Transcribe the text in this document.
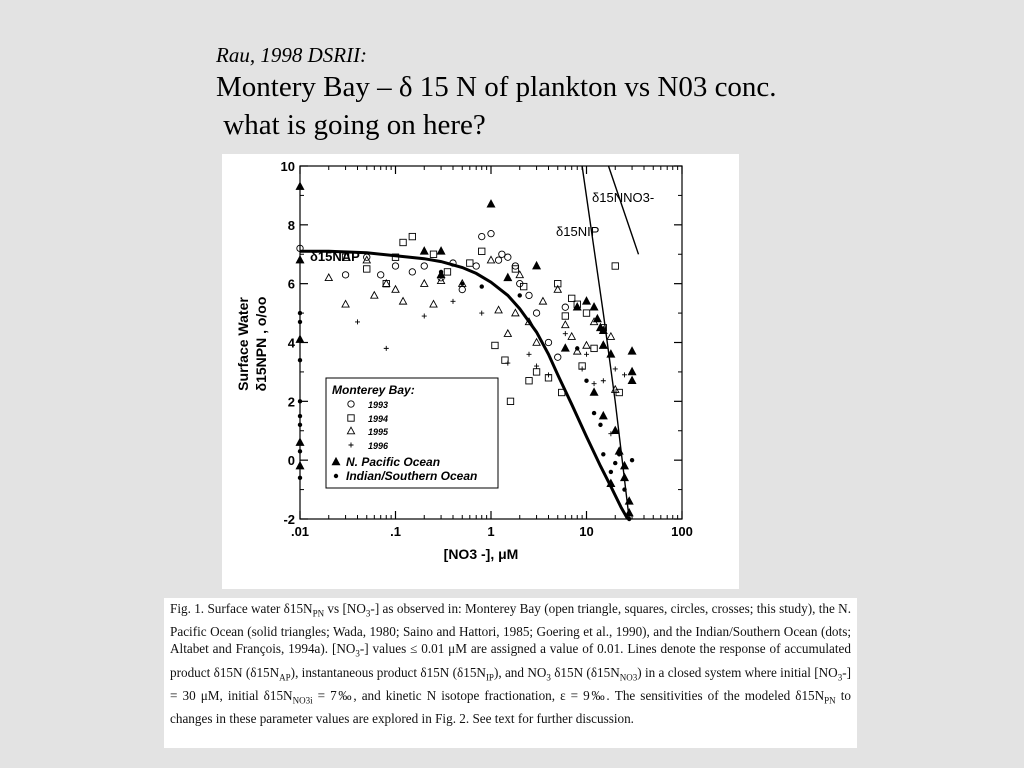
Rau, 1998 DSRII:
Montery Bay – δ 15 N of plankton vs N03 conc.
what is going on here?
.01	.1	1	10	100
-2
0
2
4
6
8
10
δ15NAP
δ15NIP
δ15NNO3-
[NO3 -], μM
Surface Water δ15NPN , o/oo	Monterey Bay:
1993
1994
1995
1996
N. Pacific Ocean
Indian/Southern Ocean

Fig. 1. Surface water $\delta 15N_{PN}$ vs $[NO_3-]$ as observed in: Monterey Bay (open triangle, squares, circles, crosses; this study), the N. Pacific Ocean (solid triangles; Wada, 1980; Saino and Hattori, 1985; Goering et al., 1990), and the Indian/Southern Ocean (dots; Altabet and François, 1994a). $[NO_3-]$ values ≤ 0.01 μM are assigned a value of 0.01. Lines denote the response of accumulated product δ15N $(\delta 15N_{AP})$, instantaneous product δ15N $(\delta 15N_{IP})$, and $NO_3$ δ15N $(\delta 15N_{NO3})$ in a closed system where initial $[NO_3-] = 30$ μM, initial $\delta 15N_{NO3i}$ = 7‰, and kinetic N isotope fractionation, ε = 9‰. The sensitivities of the modeled $\delta 15N_{PN}$ to changes in these parameter values are explored in Fig. 2. See text for further discussion.
